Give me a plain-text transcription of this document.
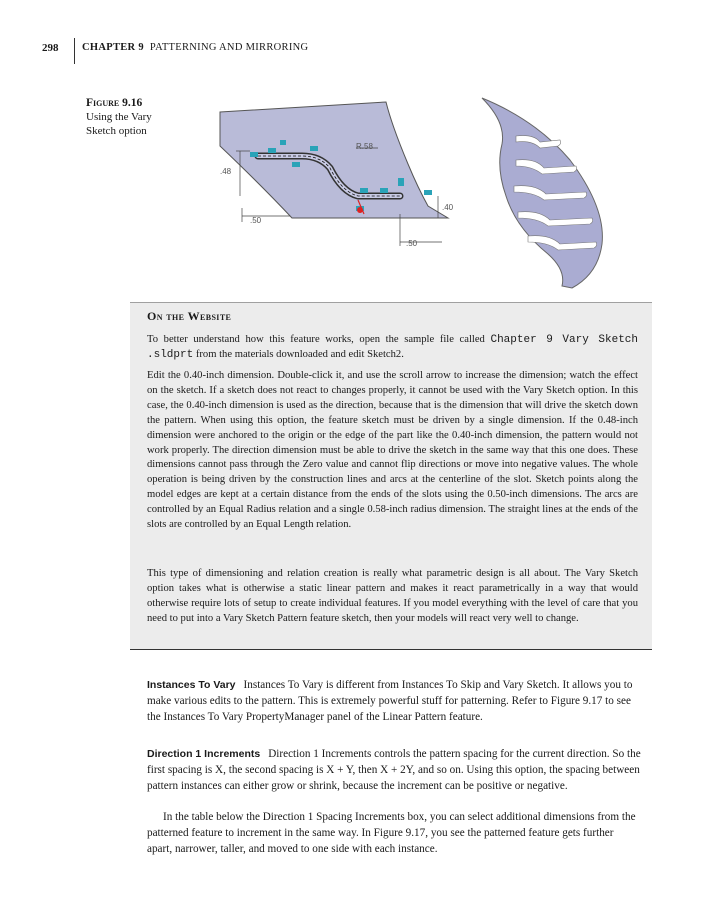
298 CHAPTER 9 PATTERNING AND MIRRORING
Figure 9.16
Using the Vary Sketch option
R.58
.48
.50
.40
.50
On the Website

To better understand how this feature works, open the sample file called Chapter 9 Vary Sketch .sldprt from the materials downloaded and edit Sketch2.

Edit the 0.40-inch dimension. Double-click it, and use the scroll arrow to increase the dimension; watch the effect on the sketch. If a sketch does not react to changes properly, it cannot be used with the Vary Sketch option. In this case, the 0.40-inch dimension is used as the direction, because that is the dimension that will drive the sketch down the pattern. When using this option, the feature sketch must be driven by a single dimension. If the 0.48-inch dimension were anchored to the origin or the edge of the part like the 0.40-inch dimension, the pattern would not work properly. The direction dimension must be able to drive the sketch in the same way that this one does. These dimensions cannot pass through the Zero value and cannot flip directions or move into negative values. The whole operation is being driven by the construction lines and arcs at the centerline of the slot. Sketch points along the model edges are kept at a certain distance from the ends of the slots using the 0.50-inch dimensions. The arcs are controlled by an Equal Radius relation and a single 0.58-inch radius dimension. The straight lines at the ends of the slots are controlled by an Equal Length relation.

This type of dimensioning and relation creation is really what parametric design is all about. The Vary Sketch option takes what is otherwise a static linear pattern and makes it react parametrically in a way that would otherwise require lots of setup to create individual features. If you model everything with the level of care that you need to put into a Vary Sketch Pattern feature sketch, then your models will react very well to change.

Instances To Vary Instances To Vary is different from Instances To Skip and Vary Sketch. It allows you to make various edits to the pattern. This is extremely powerful stuff for patterning. Refer to Figure 9.17 to see the Instances To Vary PropertyManager panel of the Linear Pattern feature.

Direction 1 Increments Direction 1 Increments controls the pattern spacing for the current direction. So the first spacing is X, the second spacing is X + Y, then X + 2Y, and so on. Using this option, the spacing between pattern instances can either grow or shrink, because the increment can be positive or negative.

In the table below the Direction 1 Spacing Increments box, you can select additional dimensions from the patterned feature to increment in the same way. In Figure 9.17, you see the patterned feature gets further apart, narrower, taller, and moved to one side with each instance.
